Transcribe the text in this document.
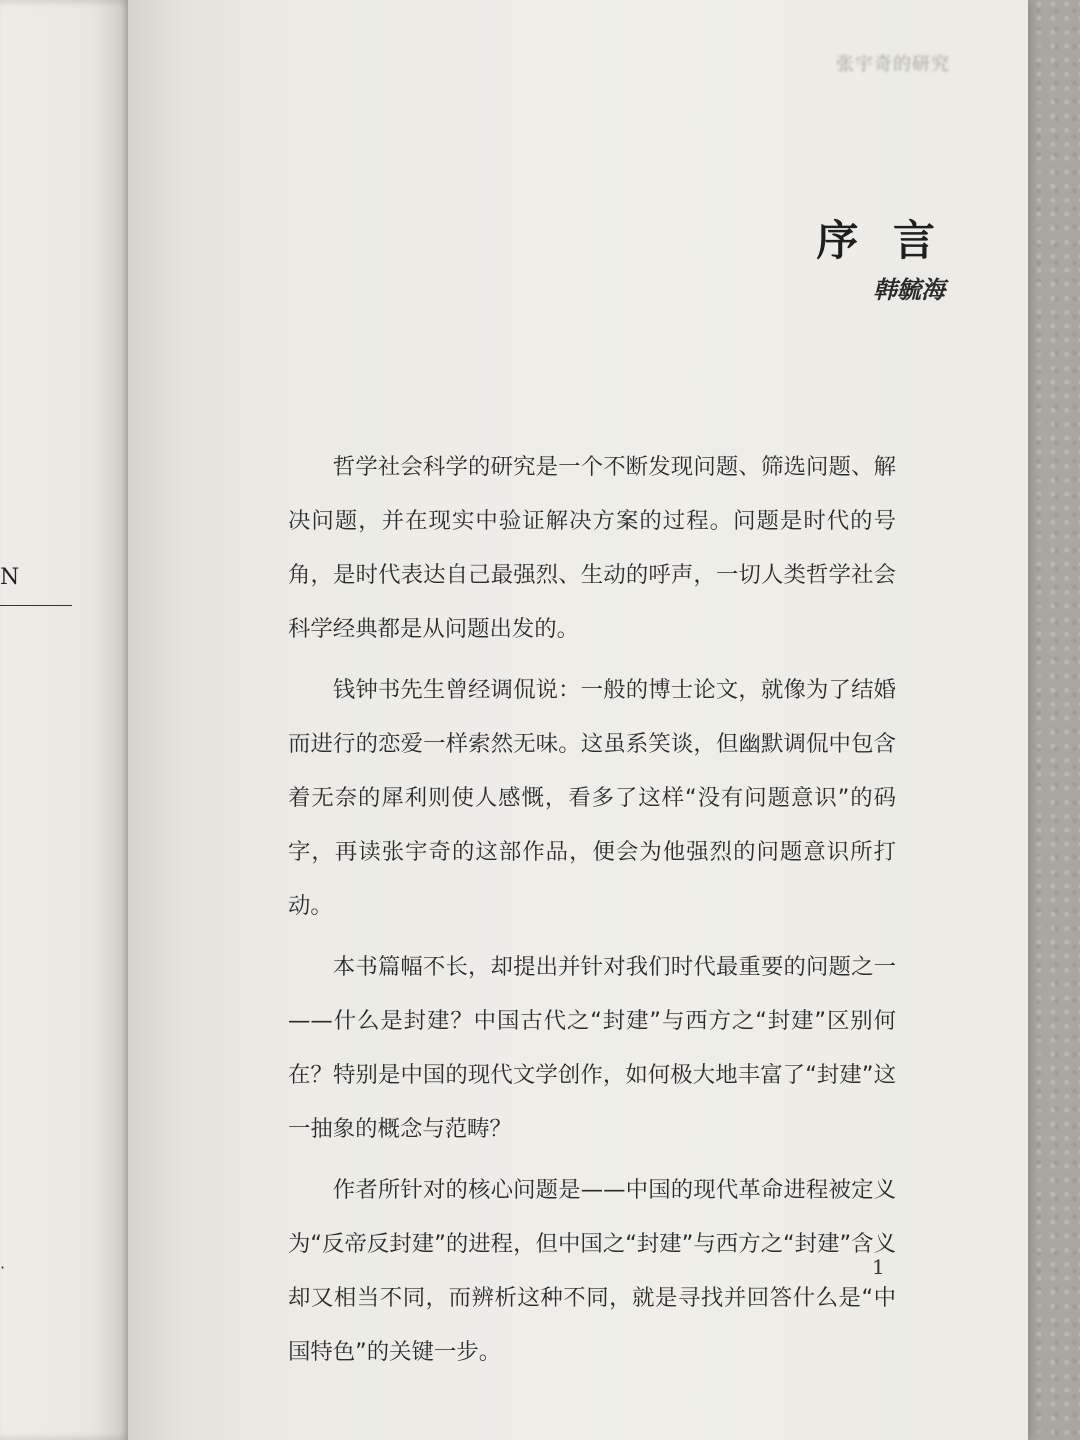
N
·
张宇奇的研究
序 言
韩毓海

哲学社会科学的研究是一个不断发现问题、筛选问题、解决问题，并在现实中验证解决方案的过程。问题是时代的号角，是时代表达自己最强烈、生动的呼声，一切人类哲学社会科学经典都是从问题出发的。

钱钟书先生曾经调侃说：一般的博士论文，就像为了结婚而进行的恋爱一样索然无味。这虽系笑谈，但幽默调侃中包含着无奈的犀利则使人感慨，看多了这样“没有问题意识”的码字，再读张宇奇的这部作品，便会为他强烈的问题意识所打动。

本书篇幅不长，却提出并针对我们时代最重要的问题之一——什么是封建？中国古代之“封建”与西方之“封建”区别何在？特别是中国的现代文学创作，如何极大地丰富了“封建”这一抽象的概念与范畴？

作者所针对的核心问题是——中国的现代革命进程被定义为“反帝反封建”的进程，但中国之“封建”与西方之“封建”含义却又相当不同，而辨析这种不同，就是寻找并回答什么是“中国特色”的关键一步。

1
